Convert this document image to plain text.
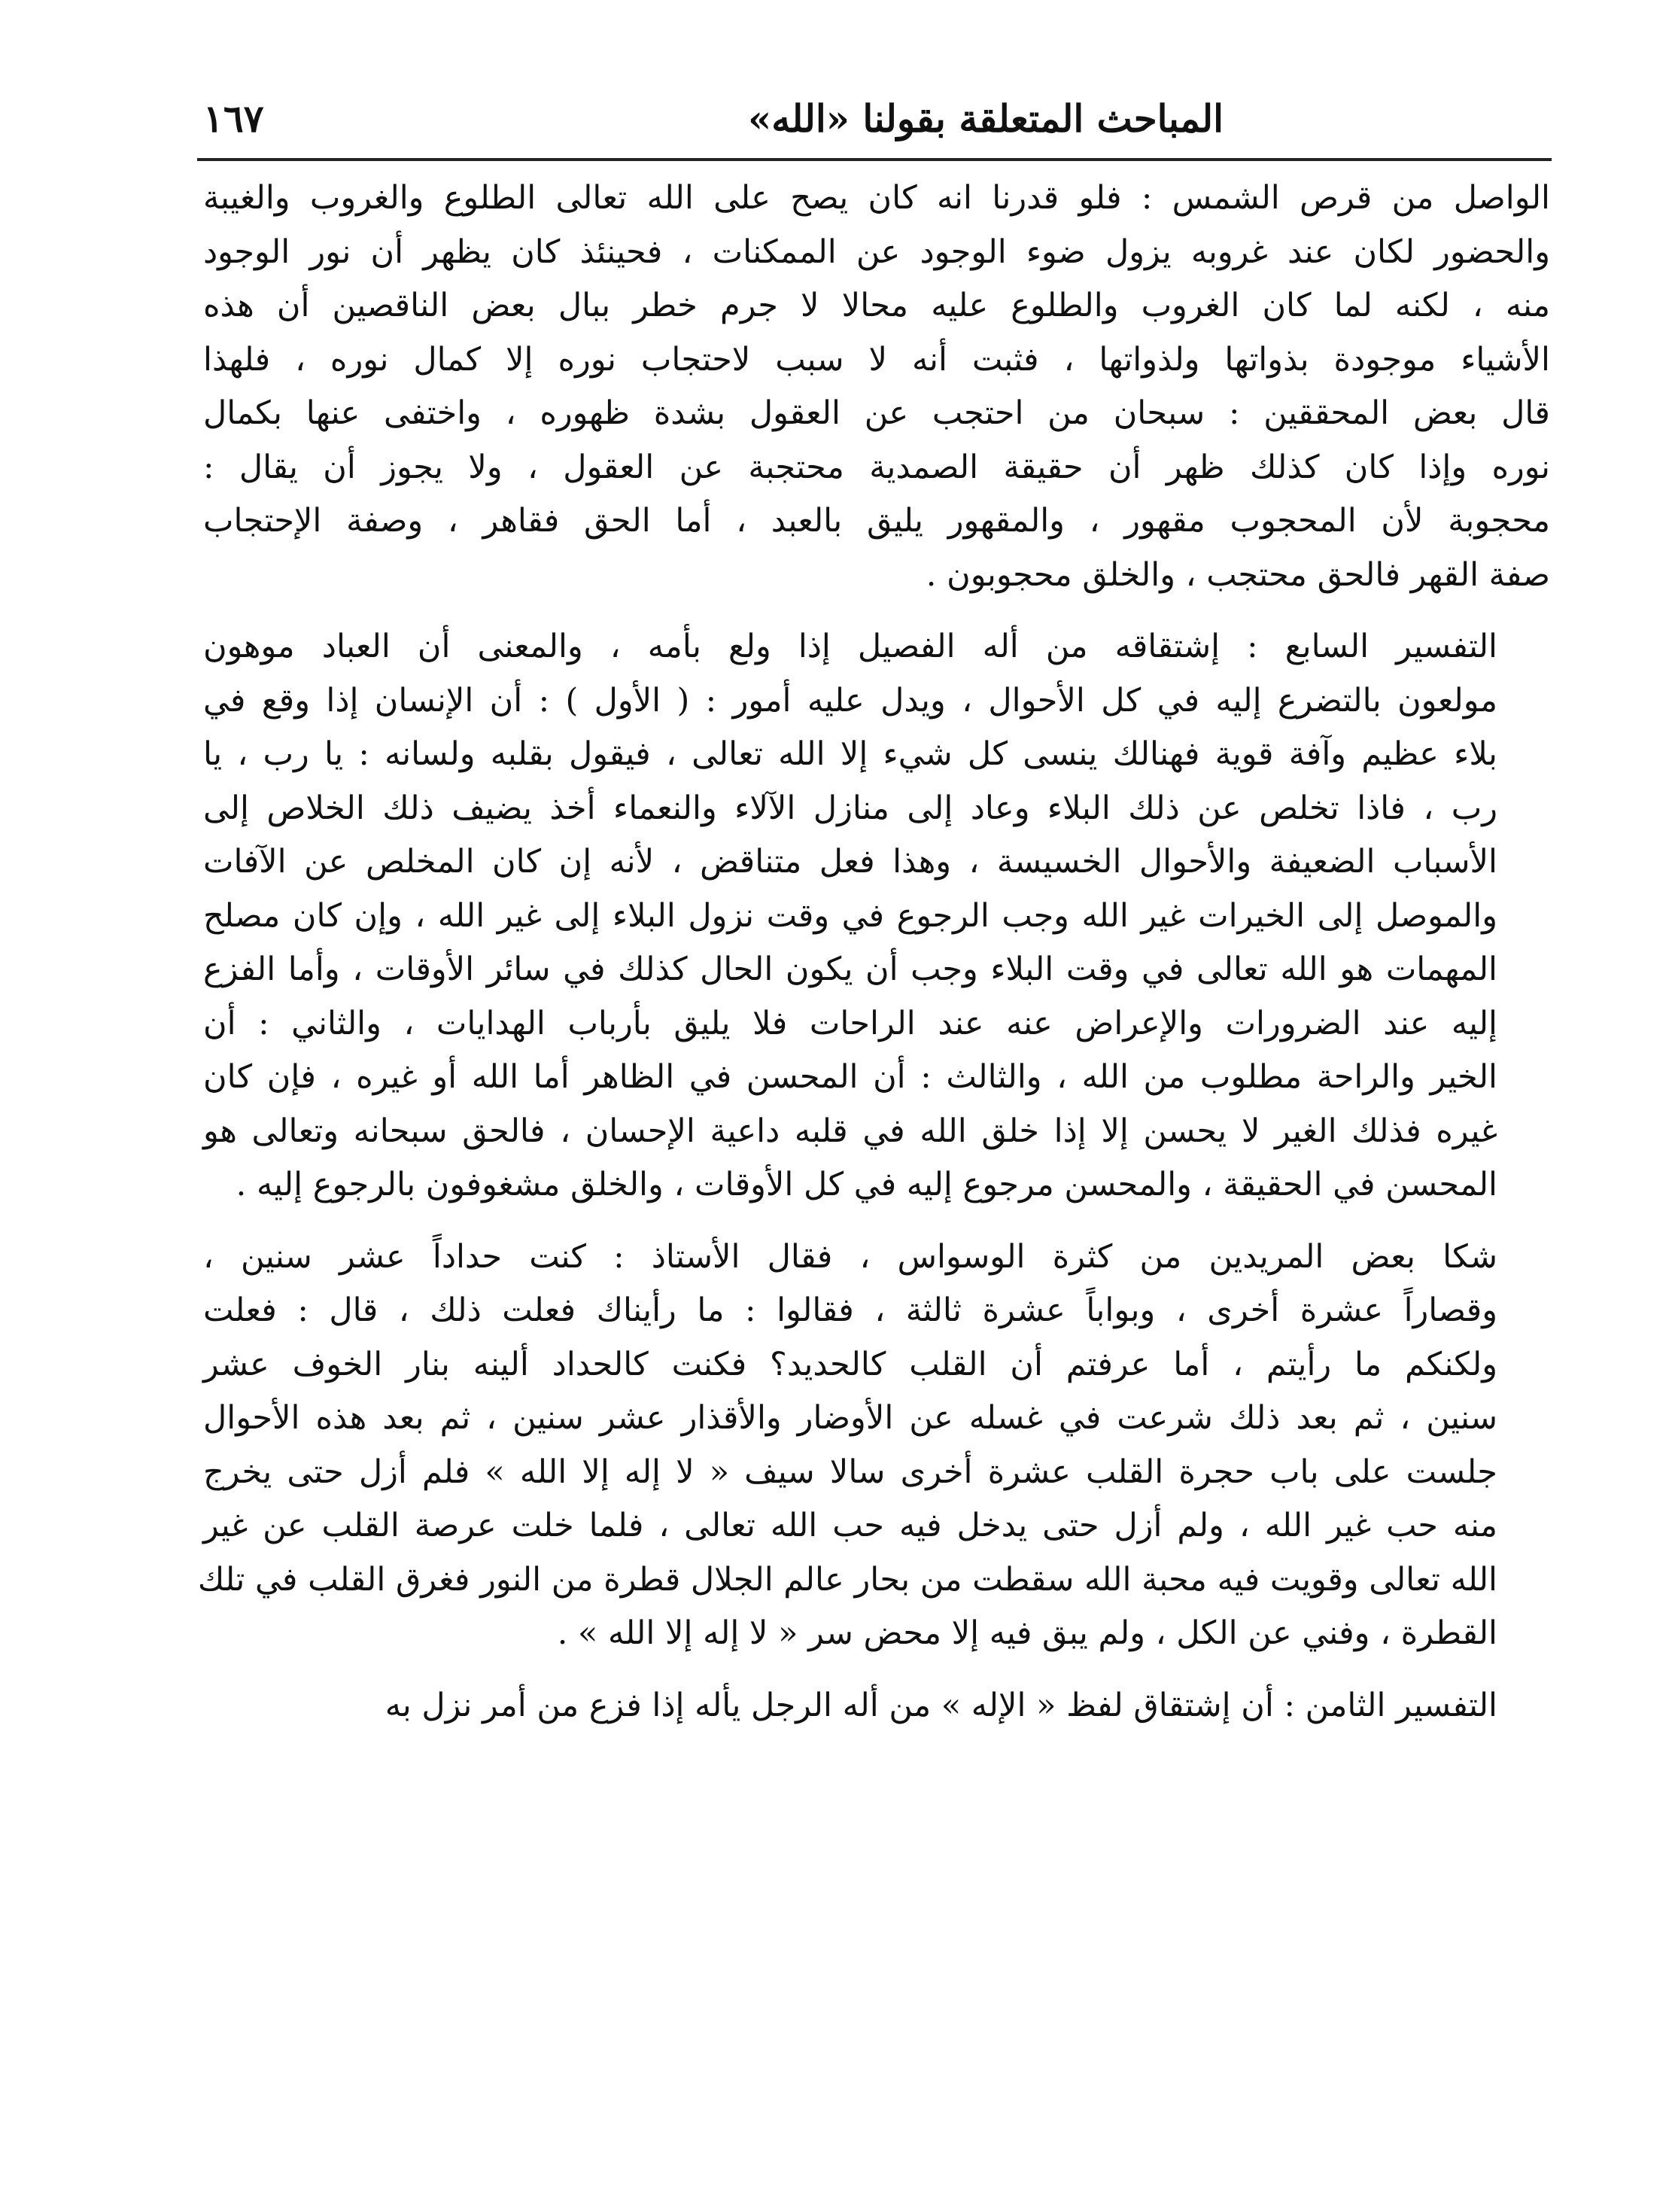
المباحث المتعلقة بقولنا «الله»
١٦٧
الواصل من قرص الشمس : فلو قدرنا انه كان يصح على الله تعالى الطلوع والغروب والغيبة
والحضور لكان عند غروبه يزول ضوء الوجود عن الممكنات ، فحينئذ كان يظهر أن نور الوجود
منه ، لكنه لما كان الغروب والطلوع عليه محالا لا جرم خطر ببال بعض الناقصين أن هذه
الأشياء موجودة بذواتها ولذواتها ، فثبت أنه لا سبب لاحتجاب نوره إلا كمال نوره ، فلهذا
قال بعض المحققين : سبحان من احتجب عن العقول بشدة ظهوره ، واختفى عنها بكمال
نوره وإذا كان كذلك ظهر أن حقيقة الصمدية محتجبة عن العقول ، ولا يجوز أن يقال :
محجوبة لأن المحجوب مقهور ، والمقهور يليق بالعبد ، أما الحق فقاهر ، وصفة الإحتجاب
صفة القهر فالحق محتجب ، والخلق محجوبون .
التفسير السابع : إشتقاقه من أله الفصيل إذا ولع بأمه ، والمعنى أن العباد موهون
مولعون بالتضرع إليه في كل الأحوال ، ويدل عليه أمور : ( الأول ) : أن الإنسان إذا وقع في
بلاء عظيم وآفة قوية فهنالك ينسى كل شيء إلا الله تعالى ، فيقول بقلبه ولسانه : يا رب ، يا
رب ، فاذا تخلص عن ذلك البلاء وعاد إلى منازل الآلاء والنعماء أخذ يضيف ذلك الخلاص إلى
الأسباب الضعيفة والأحوال الخسيسة ، وهذا فعل متناقض ، لأنه إن كان المخلص عن الآفات
والموصل إلى الخيرات غير الله وجب الرجوع في وقت نزول البلاء إلى غير الله ، وإن كان مصلح
المهمات هو الله تعالى في وقت البلاء وجب أن يكون الحال كذلك في سائر الأوقات ، وأما الفزع
إليه عند الضرورات والإعراض عنه عند الراحات فلا يليق بأرباب الهدايات ، والثاني : أن
الخير والراحة مطلوب من الله ، والثالث : أن المحسن في الظاهر أما الله أو غيره ، فإن كان
غيره فذلك الغير لا يحسن إلا إذا خلق الله في قلبه داعية الإحسان ، فالحق سبحانه وتعالى هو
المحسن في الحقيقة ، والمحسن مرجوع إليه في كل الأوقات ، والخلق مشغوفون بالرجوع إليه .
شكا بعض المريدين من كثرة الوسواس ، فقال الأستاذ : كنت حداداً عشر سنين ،
وقصاراً عشرة أخرى ، وبواباً عشرة ثالثة ، فقالوا : ما رأيناك فعلت ذلك ، قال : فعلت
ولكنكم ما رأيتم ، أما عرفتم أن القلب كالحديد؟ فكنت كالحداد ألينه بنار الخوف عشر
سنين ، ثم بعد ذلك شرعت في غسله عن الأوضار والأقذار عشر سنين ، ثم بعد هذه الأحوال
جلست على باب حجرة القلب عشرة أخرى سالا سيف « لا إله إلا الله » فلم أزل حتى يخرج
منه حب غير الله ، ولم أزل حتى يدخل فيه حب الله تعالى ، فلما خلت عرصة القلب عن غير
الله تعالى وقويت فيه محبة الله سقطت من بحار عالم الجلال قطرة من النور فغرق القلب في تلك
القطرة ، وفني عن الكل ، ولم يبق فيه إلا محض سر « لا إله إلا الله » .
التفسير الثامن : أن إشتقاق لفظ « الإله » من أله الرجل يأله إذا فزع من أمر نزل به
